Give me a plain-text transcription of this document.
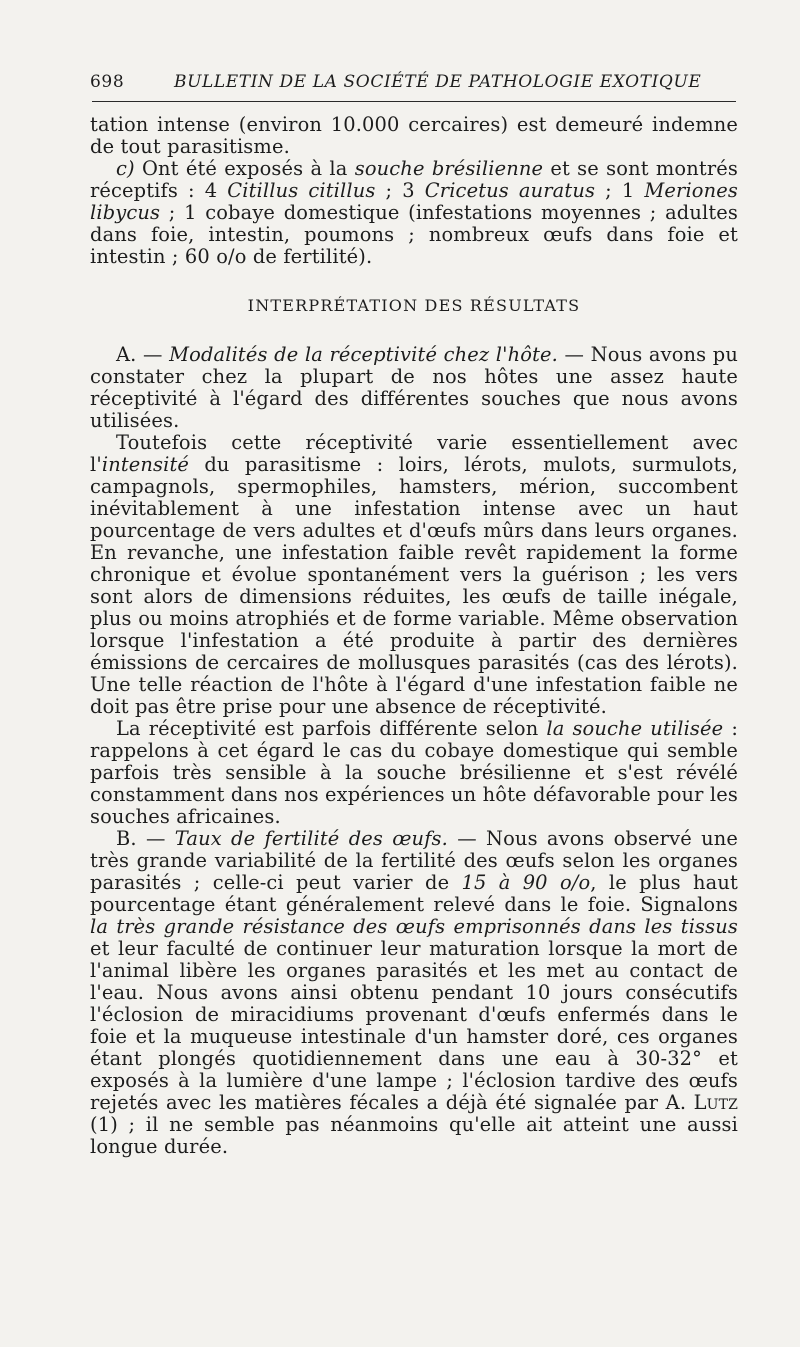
698	BULLETIN DE LA SOCIÉTÉ DE PATHOLOGIE EXOTIQUE

tation intense (environ 10.000 cercaires) est demeuré indemne de tout parasitisme.

c) Ont été exposés à la souche brésilienne et se sont montrés réceptifs : 4 Citillus citillus ; 3 Cricetus auratus ; 1 Meriones libycus ; 1 cobaye domestique (infestations moyennes ; adultes dans foie, intestin, poumons ; nombreux œufs dans foie et intestin ; 60 o/o de fertilité).

INTERPRÉTATION DES RÉSULTATS

A. — Modalités de la réceptivité chez l'hôte. — Nous avons pu constater chez la plupart de nos hôtes une assez haute réceptivité à l'égard des différentes souches que nous avons utilisées.

Toutefois cette réceptivité varie essentiellement avec l'intensité du parasitisme : loirs, lérots, mulots, surmulots, campagnols, spermophiles, hamsters, mérion, succombent inévitablement à une infestation intense avec un haut pourcentage de vers adultes et d'œufs mûrs dans leurs organes. En revanche, une infestation faible revêt rapidement la forme chronique et évolue spontanément vers la guérison ; les vers sont alors de dimensions réduites, les œufs de taille inégale, plus ou moins atrophiés et de forme variable. Même observation lorsque l'infestation a été produite à partir des dernières émissions de cercaires de mollusques parasités (cas des lérots). Une telle réaction de l'hôte à l'égard d'une infestation faible ne doit pas être prise pour une absence de réceptivité.

La réceptivité est parfois différente selon la souche utilisée : rappelons à cet égard le cas du cobaye domestique qui semble parfois très sensible à la souche brésilienne et s'est révélé constamment dans nos expériences un hôte défavorable pour les souches africaines.

B. — Taux de fertilité des œufs. — Nous avons observé une très grande variabilité de la fertilité des œufs selon les organes parasités ; celle-ci peut varier de 15 à 90 o/o, le plus haut pourcentage étant généralement relevé dans le foie. Signalons la très grande résistance des œufs emprisonnés dans les tissus et leur faculté de continuer leur maturation lorsque la mort de l'animal libère les organes parasités et les met au contact de l'eau. Nous avons ainsi obtenu pendant 10 jours consécutifs l'éclosion de miracidiums provenant d'œufs enfermés dans le foie et la muqueuse intestinale d'un hamster doré, ces organes étant plongés quotidiennement dans une eau à 30-32° et exposés à la lumière d'une lampe ; l'éclosion tardive des œufs rejetés avec les matières fécales a déjà été signalée par A. Lutz (1) ; il ne semble pas néanmoins qu'elle ait atteint une aussi longue durée.
